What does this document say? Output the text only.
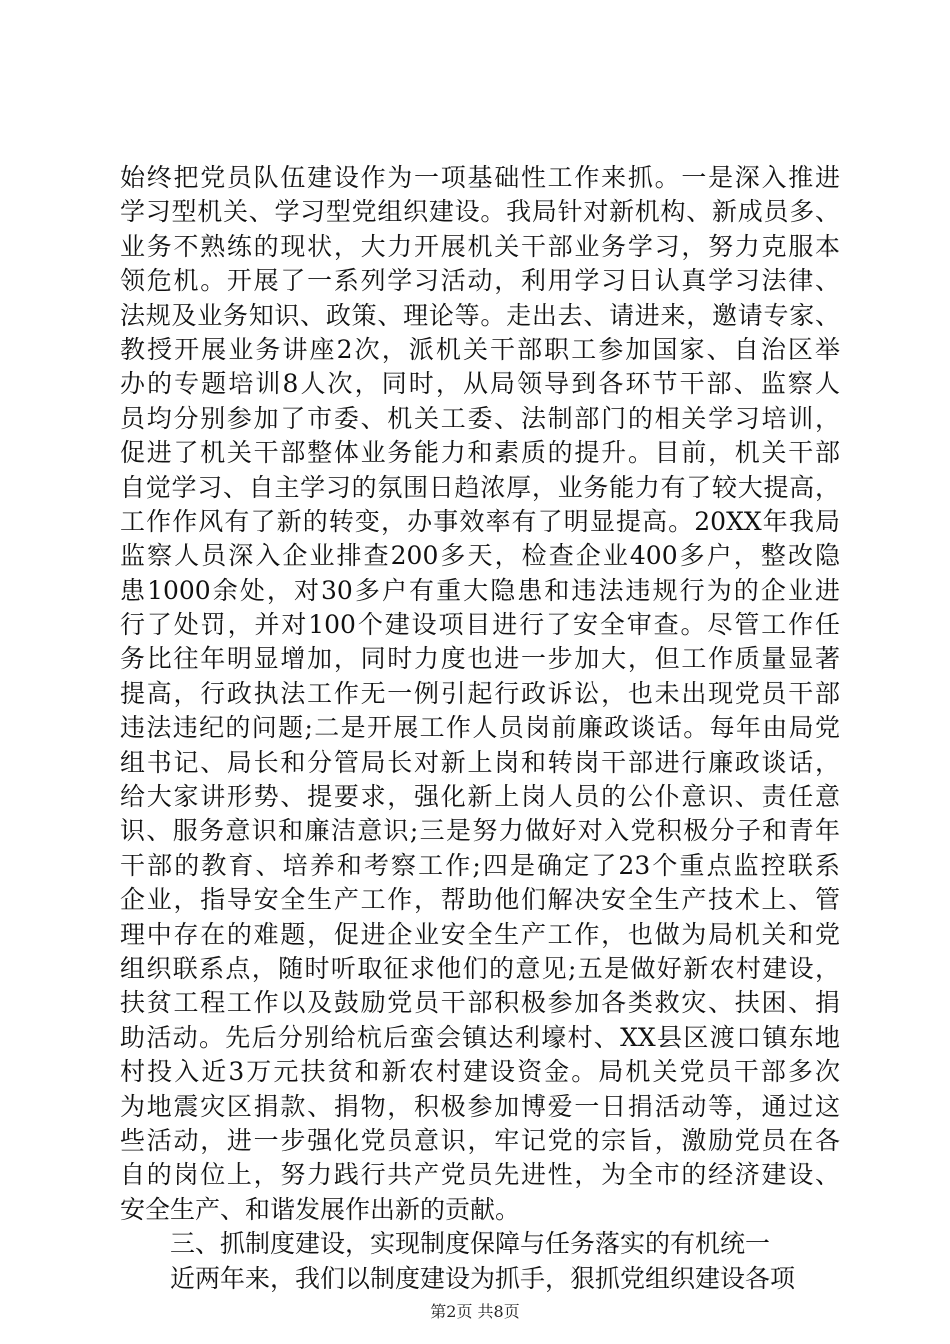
始终把党员队伍建设作为一项基础性工作来抓。一是深入推进
学习型机关、学习型党组织建设。我局针对新机构、新成员多、
业务不熟练的现状，大力开展机关干部业务学习，努力克服本
领危机。开展了一系列学习活动，利用学习日认真学习法律、
法规及业务知识、政策、理论等。走出去、请进来，邀请专家、
教授开展业务讲座2次，派机关干部职工参加国家、自治区举
办的专题培训8人次，同时，从局领导到各环节干部、监察人
员均分别参加了市委、机关工委、法制部门的相关学习培训，
促进了机关干部整体业务能力和素质的提升。目前，机关干部
自觉学习、自主学习的氛围日趋浓厚，业务能力有了较大提高，
工作作风有了新的转变，办事效率有了明显提高。20XX年我局
监察人员深入企业排查200多天，检查企业400多户，整改隐
患1000余处，对30多户有重大隐患和违法违规行为的企业进
行了处罚，并对100个建设项目进行了安全审查。尽管工作任
务比往年明显增加，同时力度也进一步加大，但工作质量显著
提高，行政执法工作无一例引起行政诉讼，也未出现党员干部
违法违纪的问题;二是开展工作人员岗前廉政谈话。每年由局党
组书记、局长和分管局长对新上岗和转岗干部进行廉政谈话，
给大家讲形势、提要求，强化新上岗人员的公仆意识、责任意
识、服务意识和廉洁意识;三是努力做好对入党积极分子和青年
干部的教育、培养和考察工作;四是确定了23个重点监控联系
企业，指导安全生产工作，帮助他们解决安全生产技术上、管
理中存在的难题，促进企业安全生产工作，也做为局机关和党
组织联系点，随时听取征求他们的意见;五是做好新农村建设，
扶贫工程工作以及鼓励党员干部积极参加各类救灾、扶困、捐
助活动。先后分别给杭后蛮会镇达利壕村、XX县区渡口镇东地
村投入近3万元扶贫和新农村建设资金。局机关党员干部多次
为地震灾区捐款、捐物，积极参加博爱一日捐活动等，通过这
些活动，进一步强化党员意识，牢记党的宗旨，激励党员在各
自的岗位上，努力践行共产党员先进性，为全市的经济建设、
安全生产、和谐发展作出新的贡献。
三、抓制度建设，实现制度保障与任务落实的有机统一
近两年来，我们以制度建设为抓手，狠抓党组织建设各项
第2页 共8页
